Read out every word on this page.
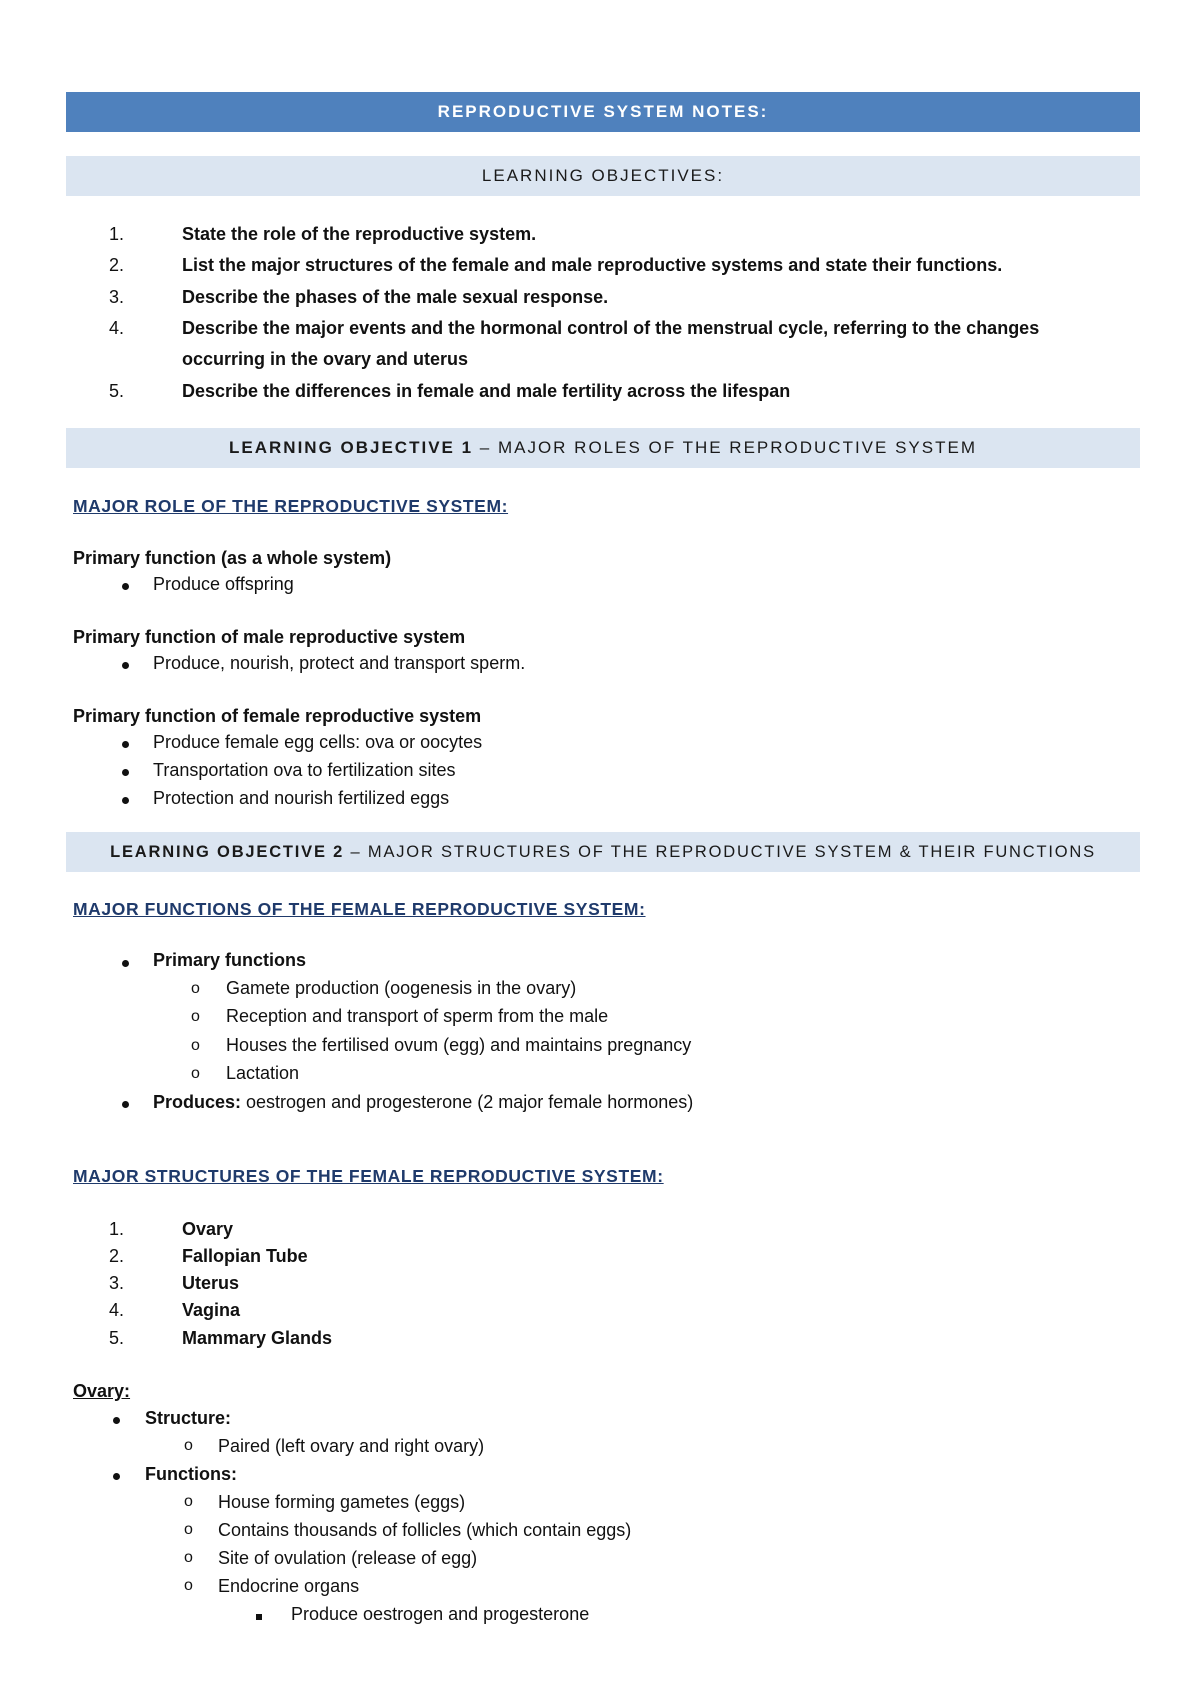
REPRODUCTIVE SYSTEM NOTES:
LEARNING OBJECTIVES:
1.	State the role of the reproductive system.
2.	List the major structures of the female and male reproductive systems and state their functions.
3.	Describe the phases of the male sexual response.
4.	Describe the major events and the hormonal control of the menstrual cycle, referring to the changes occurring in the ovary and uterus
5.	Describe the differences in female and male fertility across the lifespan
LEARNING OBJECTIVE 1 – MAJOR ROLES OF THE REPRODUCTIVE SYSTEM
MAJOR ROLE OF THE REPRODUCTIVE SYSTEM:
Primary function (as a whole system)
Produce offspring
Primary function of male reproductive system
Produce, nourish, protect and transport sperm.
Primary function of female reproductive system
Produce female egg cells: ova or oocytes
Transportation ova to fertilization sites
Protection and nourish fertilized eggs
LEARNING OBJECTIVE 2 – MAJOR STRUCTURES OF THE REPRODUCTIVE SYSTEM & THEIR FUNCTIONS
MAJOR FUNCTIONS OF THE FEMALE REPRODUCTIVE SYSTEM:
Primary functions
o Gamete production (oogenesis in the ovary)
o Reception and transport of sperm from the male
o Houses the fertilised ovum (egg) and maintains pregnancy
o Lactation
Produces: oestrogen and progesterone (2 major female hormones)
MAJOR STRUCTURES OF THE FEMALE REPRODUCTIVE SYSTEM:
1.	Ovary
2.	Fallopian Tube
3.	Uterus
4.	Vagina
5.	Mammary Glands
Ovary:
Structure:
o Paired (left ovary and right ovary)
Functions:
o House forming gametes (eggs)
o Contains thousands of follicles (which contain eggs)
o Site of ovulation (release of egg)
o Endocrine organs
Produce oestrogen and progesterone
